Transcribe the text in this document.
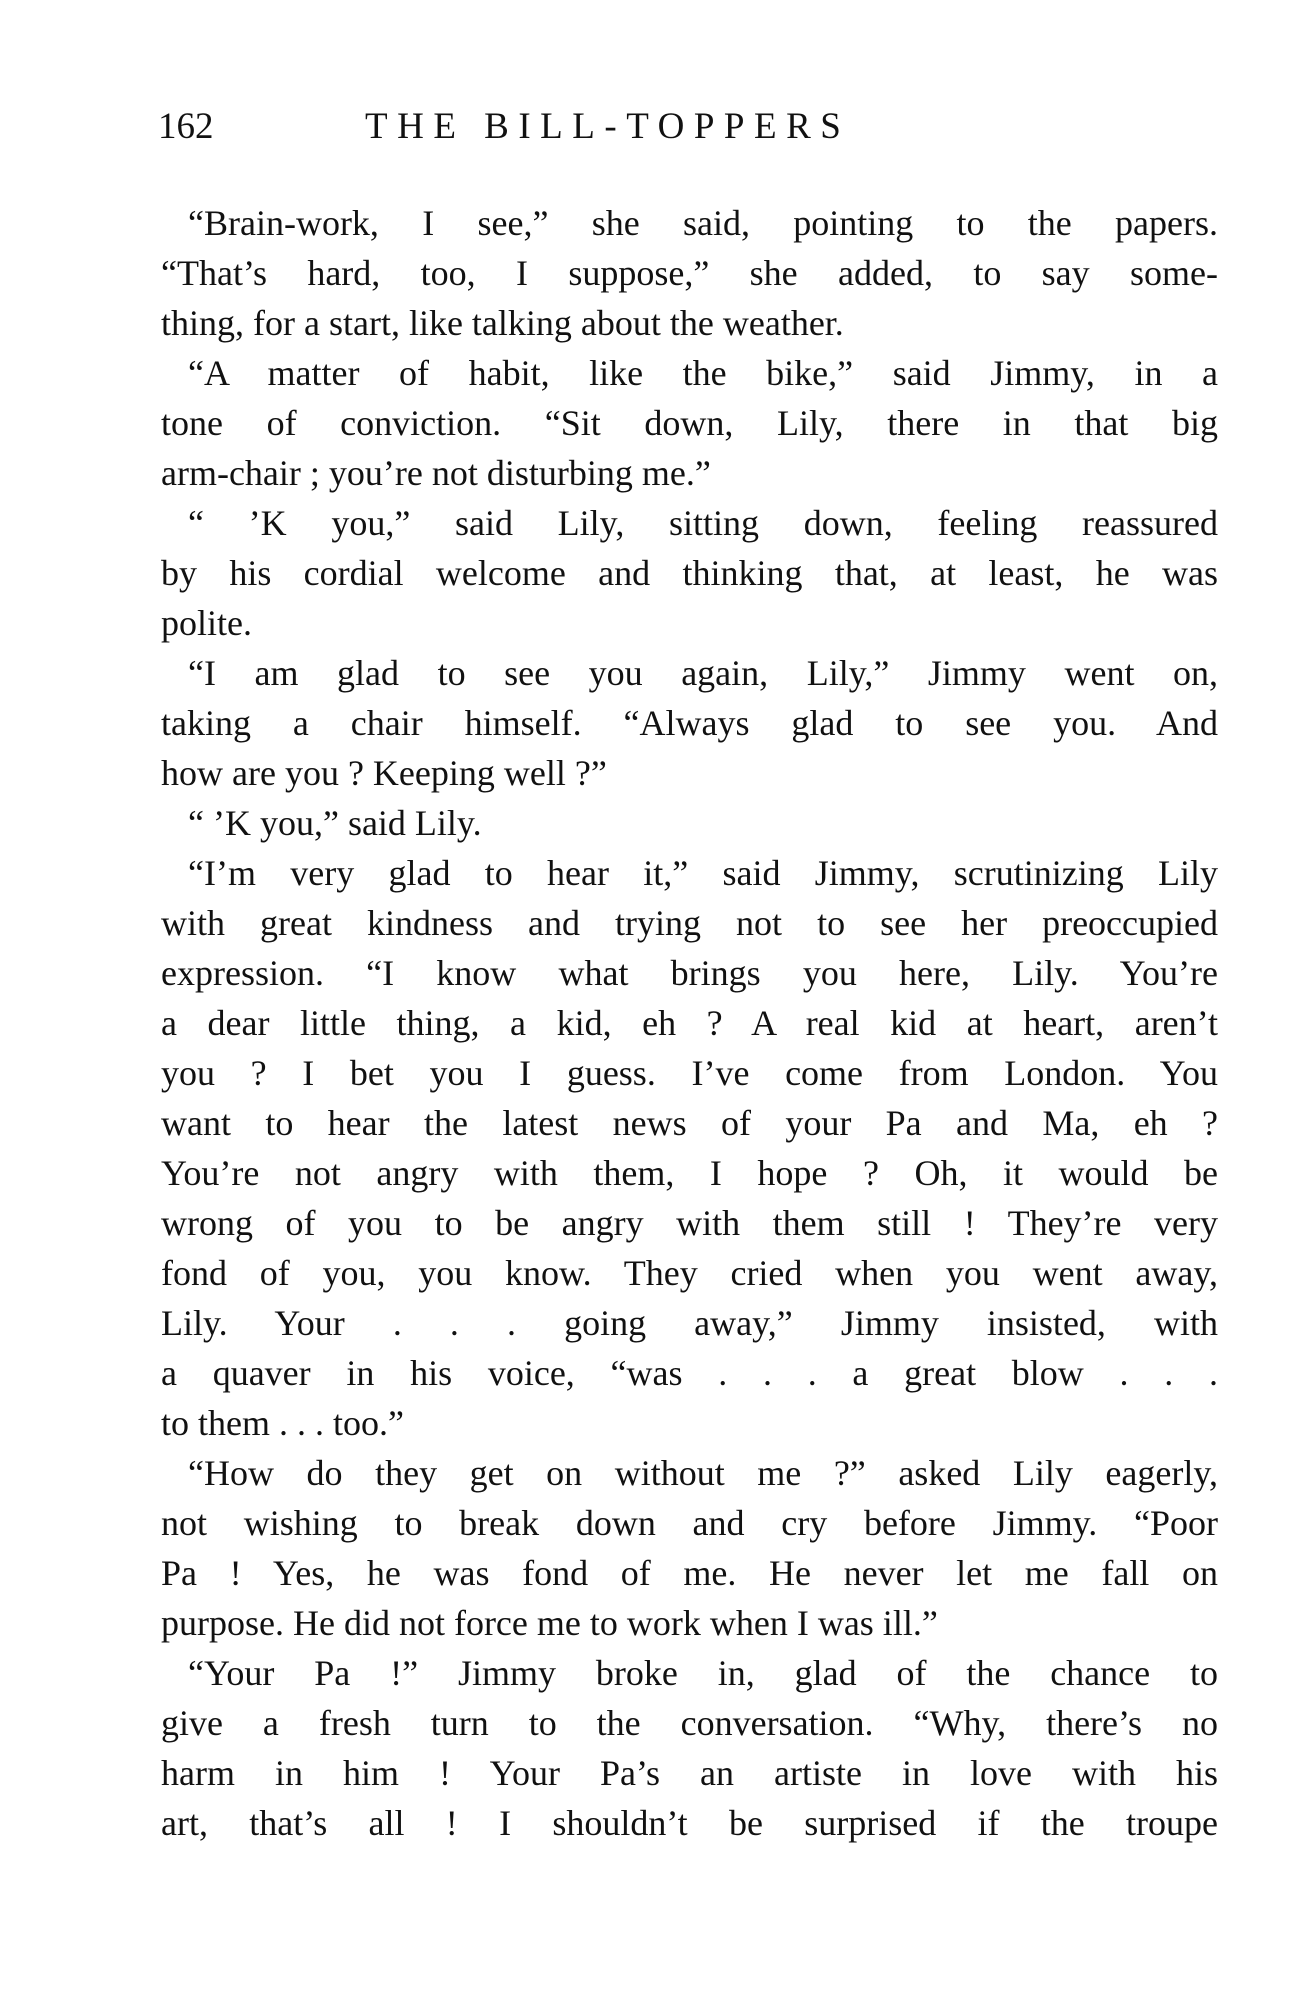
162	THE BILL-TOPPERS
“Brain-work, I see,” she said, pointing to the papers.
“That’s hard, too, I suppose,” she added, to say some-
thing, for a start, like talking about the weather.
“A matter of habit, like the bike,” said Jimmy, in a
tone of conviction. “Sit down, Lily, there in that big
arm-chair ; you’re not disturbing me.”
“ ’K you,” said Lily, sitting down, feeling reassured
by his cordial welcome and thinking that, at least, he was
polite.
“I am glad to see you again, Lily,” Jimmy went on,
taking a chair himself. “Always glad to see you. And
how are you ? Keeping well ?”
“ ’K you,” said Lily.
“I’m very glad to hear it,” said Jimmy, scrutinizing Lily
with great kindness and trying not to see her preoccupied
expression. “I know what brings you here, Lily. You’re
a dear little thing, a kid, eh ? A real kid at heart, aren’t
you ? I bet you I guess. I’ve come from London. You
want to hear the latest news of your Pa and Ma, eh ?
You’re not angry with them, I hope ? Oh, it would be
wrong of you to be angry with them still ! They’re very
fond of you, you know. They cried when you went away,
Lily. Your . . . going away,” Jimmy insisted, with
a quaver in his voice, “was . . . a great blow . . .
to them . . . too.”
“How do they get on without me ?” asked Lily eagerly,
not wishing to break down and cry before Jimmy. “Poor
Pa ! Yes, he was fond of me. He never let me fall on
purpose. He did not force me to work when I was ill.”
“Your Pa !” Jimmy broke in, glad of the chance to
give a fresh turn to the conversation. “Why, there’s no
harm in him ! Your Pa’s an artiste in love with his
art, that’s all ! I shouldn’t be surprised if the troupe
